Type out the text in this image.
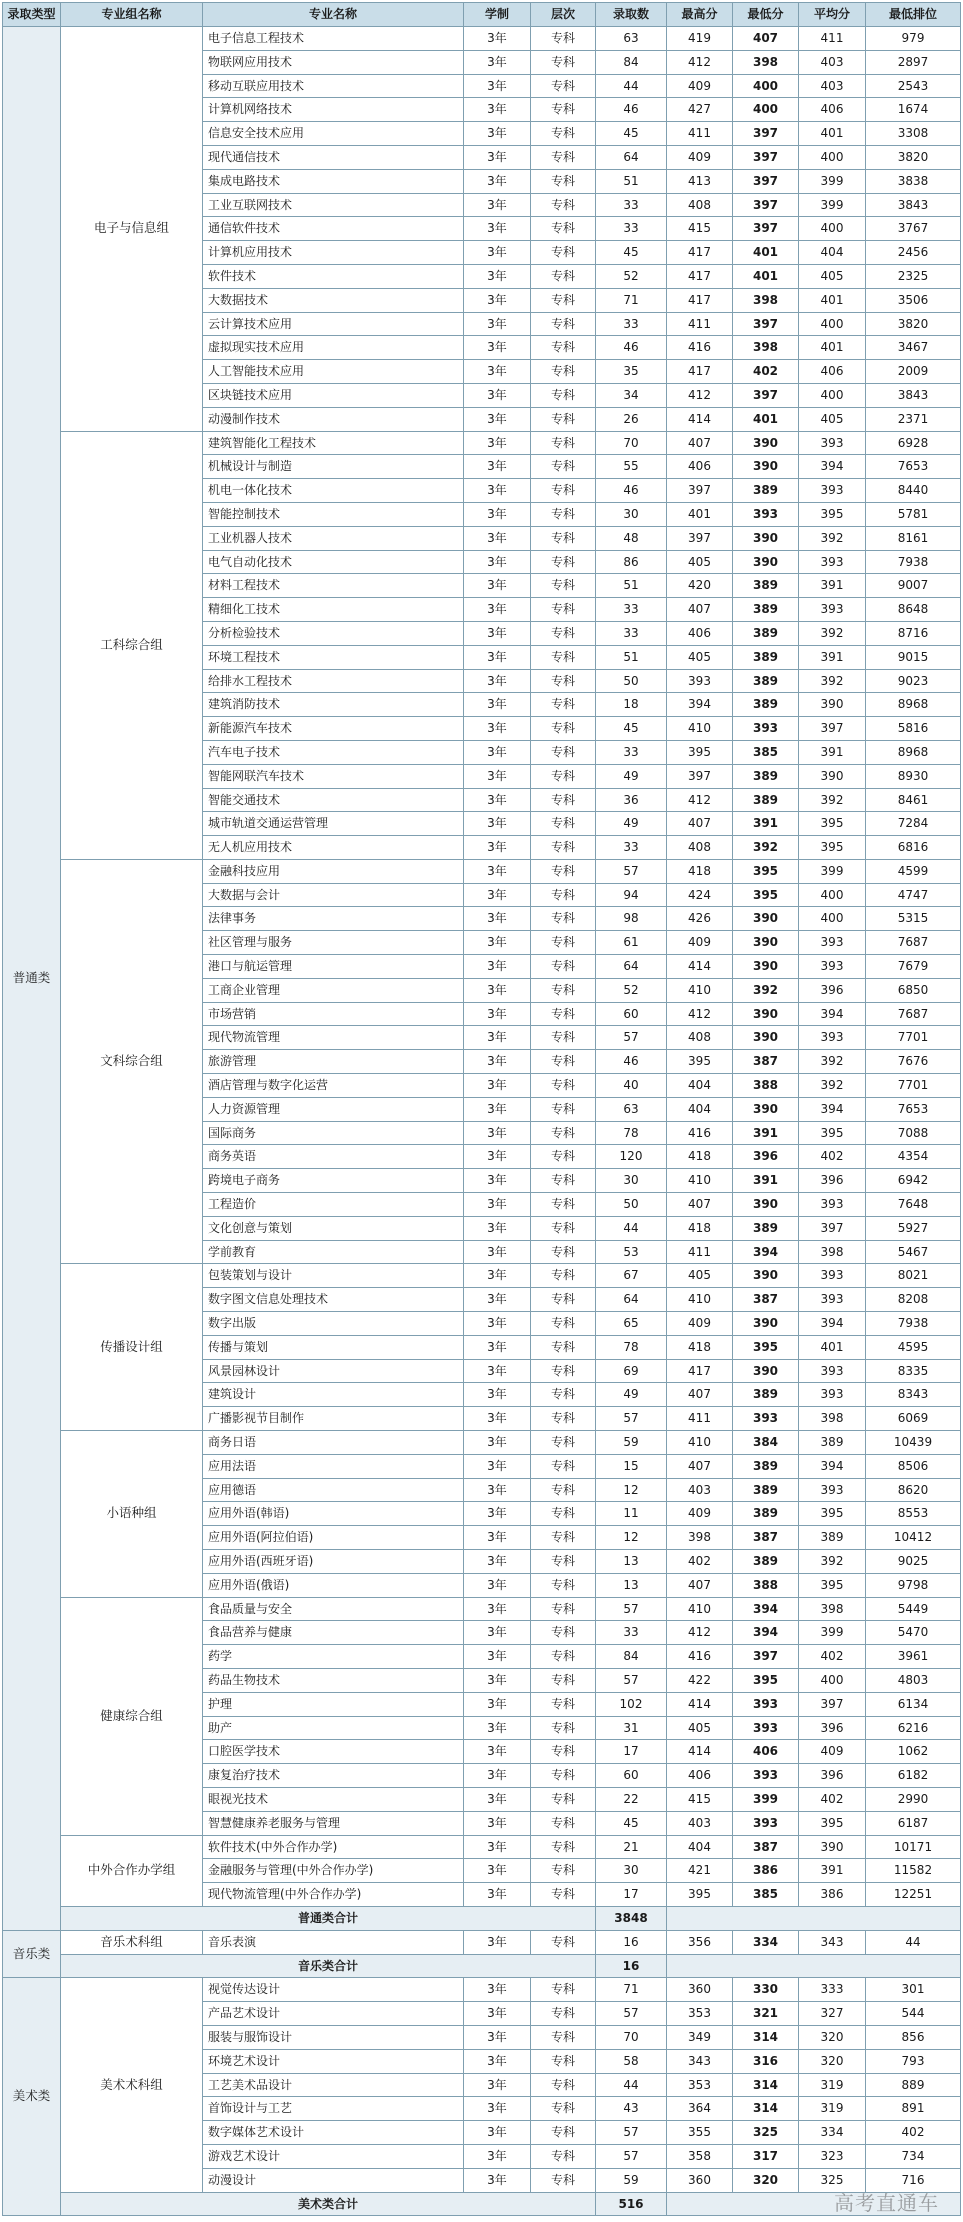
录取类型	专业组名称	专业名称	学制	层次	录取数	最高分	最低分	平均分	最低排位
普通类	电子与信息组	电子信息工程技术	3年	专科	63	419	407	411	979
		物联网应用技术	3年	专科	84	412	398	403	2897
		移动互联应用技术	3年	专科	44	409	400	403	2543
		计算机网络技术	3年	专科	46	427	400	406	1674
		信息安全技术应用	3年	专科	45	411	397	401	3308
		现代通信技术	3年	专科	64	409	397	400	3820
		集成电路技术	3年	专科	51	413	397	399	3838
		工业互联网技术	3年	专科	33	408	397	399	3843
		通信软件技术	3年	专科	33	415	397	400	3767
		计算机应用技术	3年	专科	45	417	401	404	2456
		软件技术	3年	专科	52	417	401	405	2325
		大数据技术	3年	专科	71	417	398	401	3506
		云计算技术应用	3年	专科	33	411	397	400	3820
		虚拟现实技术应用	3年	专科	46	416	398	401	3467
		人工智能技术应用	3年	专科	35	417	402	406	2009
		区块链技术应用	3年	专科	34	412	397	400	3843
		动漫制作技术	3年	专科	26	414	401	405	2371
	工科综合组	建筑智能化工程技术	3年	专科	70	407	390	393	6928
		机械设计与制造	3年	专科	55	406	390	394	7653
		机电一体化技术	3年	专科	46	397	389	393	8440
		智能控制技术	3年	专科	30	401	393	395	5781
		工业机器人技术	3年	专科	48	397	390	392	8161
		电气自动化技术	3年	专科	86	405	390	393	7938
		材料工程技术	3年	专科	51	420	389	391	9007
		精细化工技术	3年	专科	33	407	389	393	8648
		分析检验技术	3年	专科	33	406	389	392	8716
		环境工程技术	3年	专科	51	405	389	391	9015
		给排水工程技术	3年	专科	50	393	389	392	9023
		建筑消防技术	3年	专科	18	394	389	390	8968
		新能源汽车技术	3年	专科	45	410	393	397	5816
		汽车电子技术	3年	专科	33	395	385	391	8968
		智能网联汽车技术	3年	专科	49	397	389	390	8930
		智能交通技术	3年	专科	36	412	389	392	8461
		城市轨道交通运营管理	3年	专科	49	407	391	395	7284
		无人机应用技术	3年	专科	33	408	392	395	6816
	文科综合组	金融科技应用	3年	专科	57	418	395	399	4599
		大数据与会计	3年	专科	94	424	395	400	4747
		法律事务	3年	专科	98	426	390	400	5315
		社区管理与服务	3年	专科	61	409	390	393	7687
		港口与航运管理	3年	专科	64	414	390	393	7679
		工商企业管理	3年	专科	52	410	392	396	6850
		市场营销	3年	专科	60	412	390	394	7687
		现代物流管理	3年	专科	57	408	390	393	7701
		旅游管理	3年	专科	46	395	387	392	7676
		酒店管理与数字化运营	3年	专科	40	404	388	392	7701
		人力资源管理	3年	专科	63	404	390	394	7653
		国际商务	3年	专科	78	416	391	395	7088
		商务英语	3年	专科	120	418	396	402	4354
		跨境电子商务	3年	专科	30	410	391	396	6942
		工程造价	3年	专科	50	407	390	393	7648
		文化创意与策划	3年	专科	44	418	389	397	5927
		学前教育	3年	专科	53	411	394	398	5467
	传播设计组	包装策划与设计	3年	专科	67	405	390	393	8021
		数字图文信息处理技术	3年	专科	64	410	387	393	8208
		数字出版	3年	专科	65	409	390	394	7938
		传播与策划	3年	专科	78	418	395	401	4595
		风景园林设计	3年	专科	69	417	390	393	8335
		建筑设计	3年	专科	49	407	389	393	8343
		广播影视节目制作	3年	专科	57	411	393	398	6069
	小语种组	商务日语	3年	专科	59	410	384	389	10439
		应用法语	3年	专科	15	407	389	394	8506
		应用德语	3年	专科	12	403	389	393	8620
		应用外语(韩语)	3年	专科	11	409	389	395	8553
		应用外语(阿拉伯语)	3年	专科	12	398	387	389	10412
		应用外语(西班牙语)	3年	专科	13	402	389	392	9025
		应用外语(俄语)	3年	专科	13	407	388	395	9798
	健康综合组	食品质量与安全	3年	专科	57	410	394	398	5449
		食品营养与健康	3年	专科	33	412	394	399	5470
		药学	3年	专科	84	416	397	402	3961
		药品生物技术	3年	专科	57	422	395	400	4803
		护理	3年	专科	102	414	393	397	6134
		助产	3年	专科	31	405	393	396	6216
		口腔医学技术	3年	专科	17	414	406	409	1062
		康复治疗技术	3年	专科	60	406	393	396	6182
		眼视光技术	3年	专科	22	415	399	402	2990
		智慧健康养老服务与管理	3年	专科	45	403	393	395	6187
	中外合作办学组	软件技术(中外合作办学)	3年	专科	21	404	387	390	10171
		金融服务与管理(中外合作办学)	3年	专科	30	421	386	391	11582
		现代物流管理(中外合作办学)	3年	专科	17	395	385	386	12251
	普通类合计				3848				
音乐类	音乐术科组	音乐表演	3年	专科	16	356	334	343	44
	音乐类合计				16				
美术类	美术术科组	视觉传达设计	3年	专科	71	360	330	333	301
		产品艺术设计	3年	专科	57	353	321	327	544
		服装与服饰设计	3年	专科	70	349	314	320	856
		环境艺术设计	3年	专科	58	343	316	320	793
		工艺美术品设计	3年	专科	44	353	314	319	889
		首饰设计与工艺	3年	专科	43	364	314	319	891
		数字媒体艺术设计	3年	专科	57	355	325	334	402
		游戏艺术设计	3年	专科	57	358	317	323	734
		动漫设计	3年	专科	59	360	320	325	716
	美术类合计				516					高考直通车
